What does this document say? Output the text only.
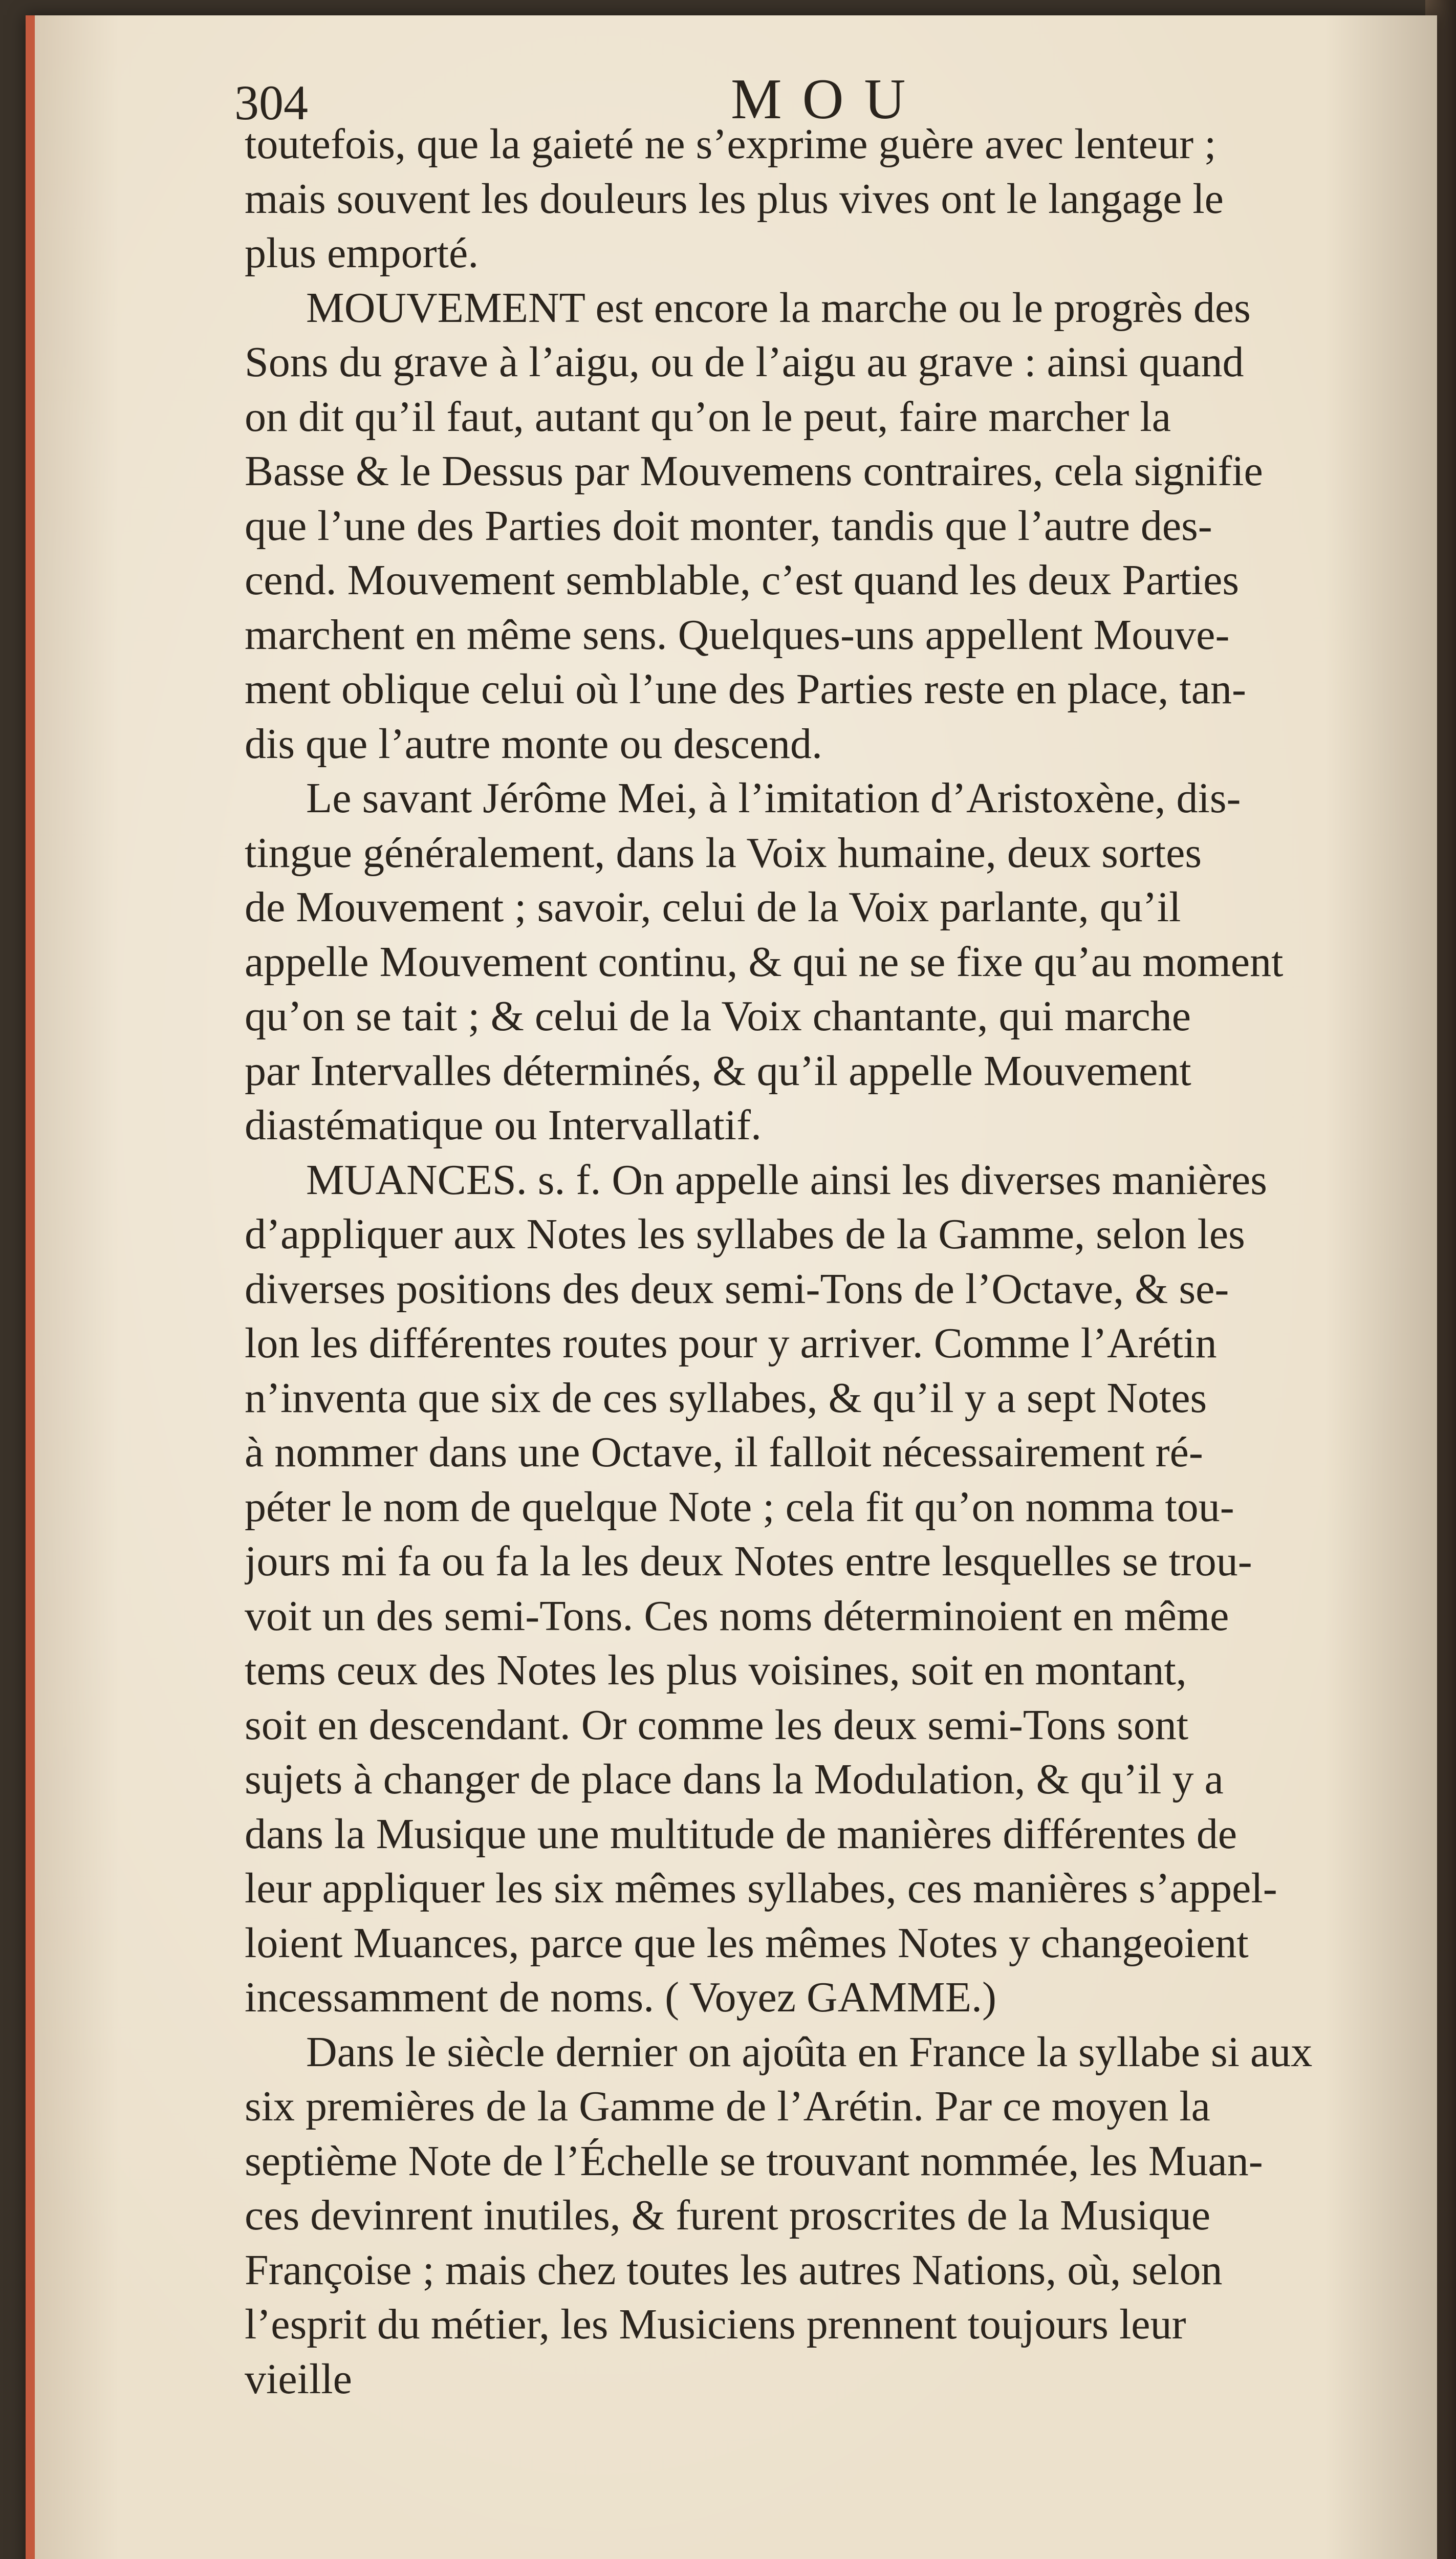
304	MOU
toutefois, que la gaieté ne s’exprime guère avec lenteur ;
mais souvent les douleurs les plus vives ont le langage le
plus emporté.
MOUVEMENT est encore la marche ou le progrès des
Sons du grave à l’aigu, ou de l’aigu au grave : ainsi quand
on dit qu’il faut, autant qu’on le peut, faire marcher la
Basse & le Dessus par Mouvemens contraires, cela signifie
que l’une des Parties doit monter, tandis que l’autre des-
cend. Mouvement semblable, c’est quand les deux Parties
marchent en même sens. Quelques-uns appellent Mouve-
ment oblique celui où l’une des Parties reste en place, tan-
dis que l’autre monte ou descend.
Le savant Jérôme Mei, à l’imitation d’Aristoxène, dis-
tingue généralement, dans la Voix humaine, deux sortes
de Mouvement ; savoir, celui de la Voix parlante, qu’il
appelle Mouvement continu, & qui ne se fixe qu’au moment
qu’on se tait ; & celui de la Voix chantante, qui marche
par Intervalles déterminés, & qu’il appelle Mouvement
diastématique ou Intervallatif.
MUANCES. s. f. On appelle ainsi les diverses manières
d’appliquer aux Notes les syllabes de la Gamme, selon les
diverses positions des deux semi-Tons de l’Octave, & se-
lon les différentes routes pour y arriver. Comme l’Arétin
n’inventa que six de ces syllabes, & qu’il y a sept Notes
à nommer dans une Octave, il falloit nécessairement ré-
péter le nom de quelque Note ; cela fit qu’on nomma tou-
jours mi fa ou fa la les deux Notes entre lesquelles se trou-
voit un des semi-Tons. Ces noms déterminoient en même
tems ceux des Notes les plus voisines, soit en montant,
soit en descendant. Or comme les deux semi-Tons sont
sujets à changer de place dans la Modulation, & qu’il y a
dans la Musique une multitude de manières différentes de
leur appliquer les six mêmes syllabes, ces manières s’appel-
loient Muances, parce que les mêmes Notes y changeoient
incessamment de noms. ( Voyez GAMME.)
Dans le siècle dernier on ajoûta en France la syllabe si aux
six premières de la Gamme de l’Arétin. Par ce moyen la
septième Note de l’Échelle se trouvant nommée, les Muan-
ces devinrent inutiles, & furent proscrites de la Musique
Françoise ; mais chez toutes les autres Nations, où, selon
l’esprit du métier, les Musiciens prennent toujours leur
vieille
